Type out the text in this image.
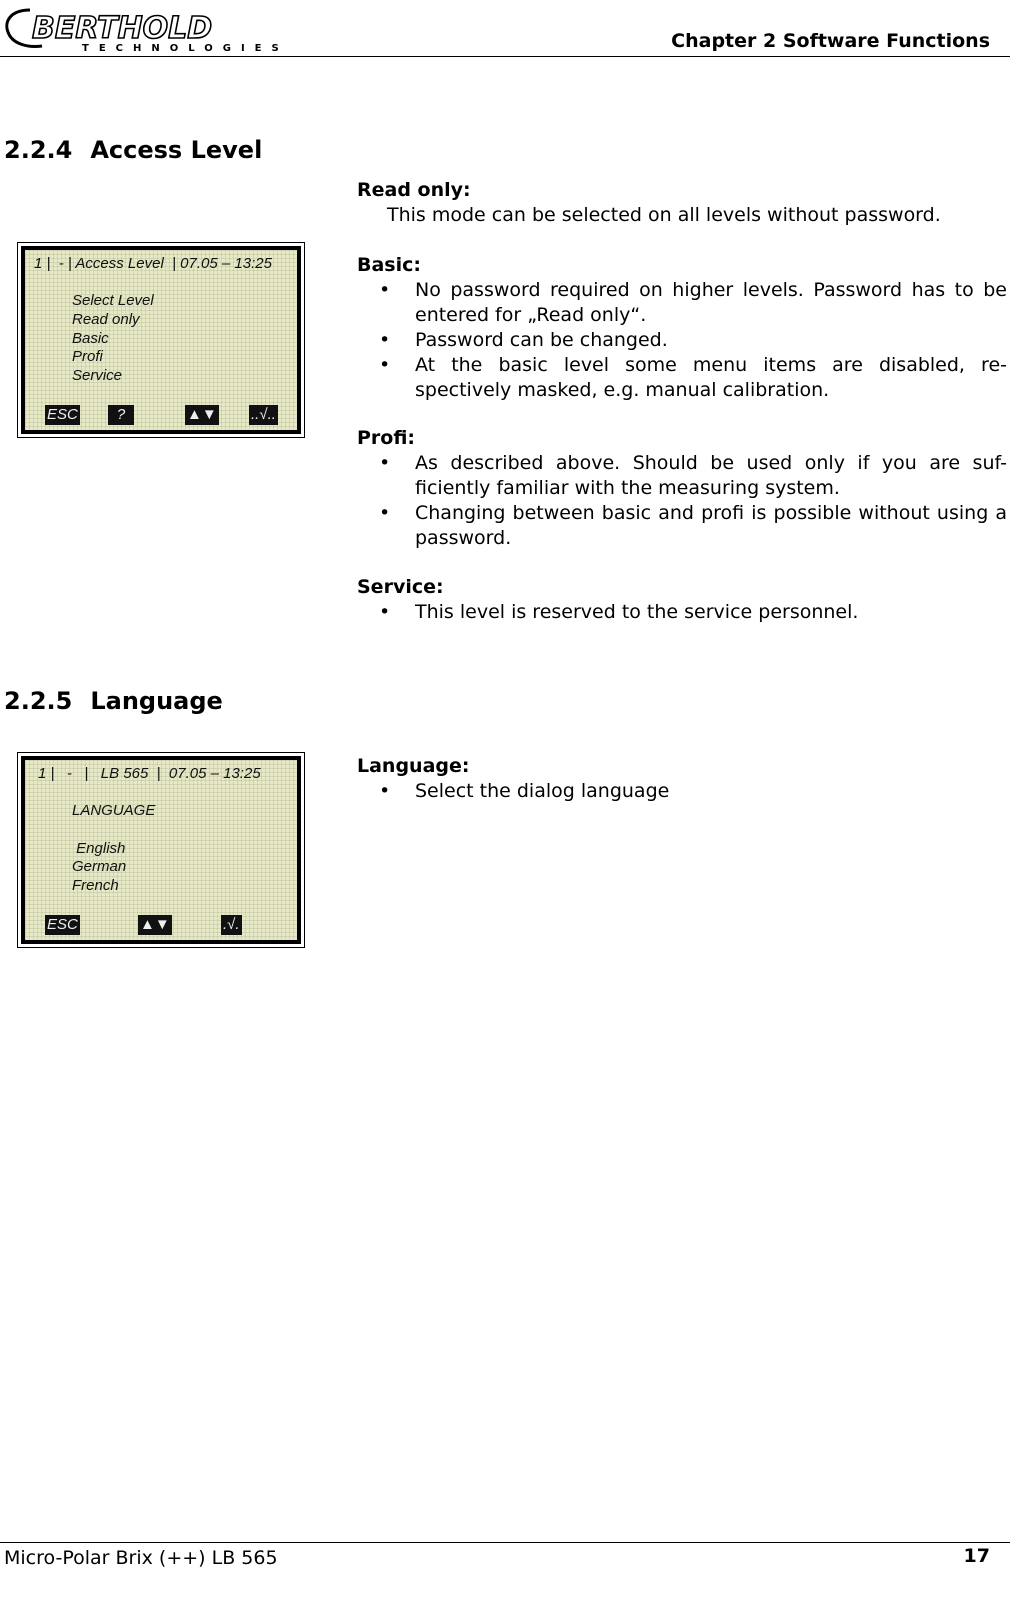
BERTHOLD
TECHNOLOGIES	Chapter 2 Software Functions
2.2.4 Access Level
1 |  - | Access Level  | 07.05 – 13:25
Select Level
Read only
Basic
Profi
Service
ESC	?	▲▼ ..√..
Read only:
This mode can be selected on all levels without password.
Basic:
• No password required on higher levels. Password has to be entered for „Read only“.
• Password can be changed.
• At the basic level some menu items are disabled, re-spectively masked, e.g. manual calibration.
Profi:
• As described above. Should be used only if you are suf-ficiently familiar with the measuring system.
• Changing between basic and profi is possible without using a password.
Service:
• This level is reserved to the service personnel.
2.2.5 Language
1 |   -   |   LB 565  |  07.05 – 13:25
LANGUAGE
English
German
French
ESC	▲▼	.√.
Language:
• Select the dialog language
Micro-Polar Brix (++) LB 565	17
